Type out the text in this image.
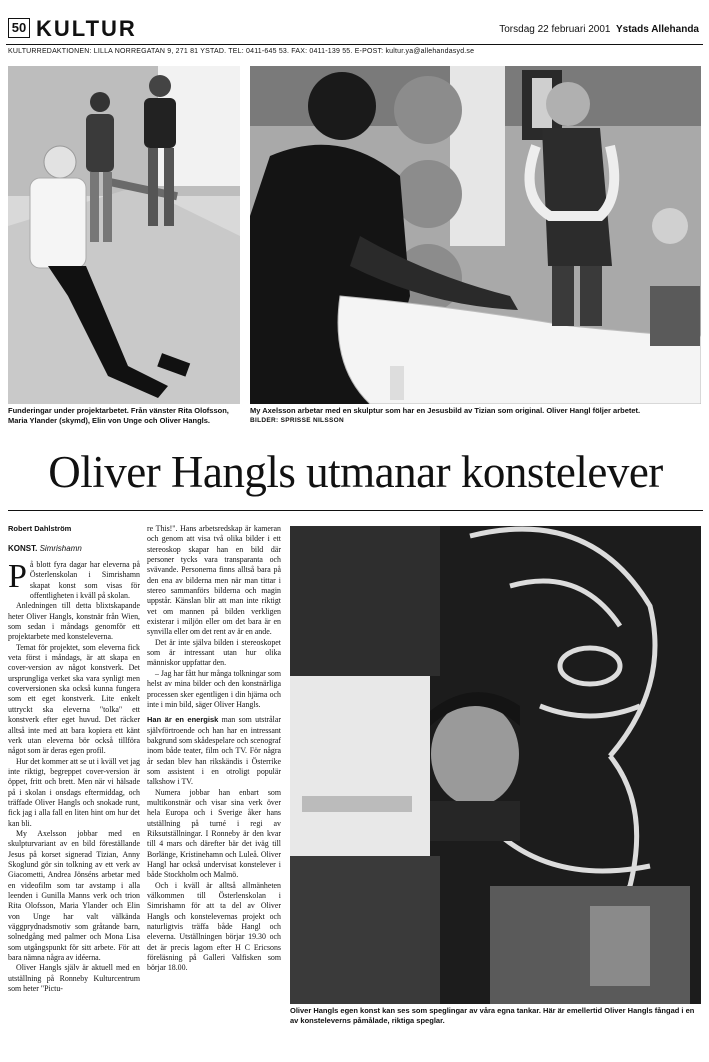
50 KULTUR	Torsdag 22 februari 2001 Ystads Allehanda
KULTURREDAKTIONEN: LILLA NORREGATAN 9, 271 81 YSTAD. TEL: 0411-645 53. FAX: 0411-139 55. E-POST: kultur.ya@allehandasyd.se
Funderingar under projektarbetet. Från vänster Rita Olofsson, Maria Ylander (skymd), Elin von Unge och Oliver Hangls.
My Axelsson arbetar med en skulptur som har en Jesusbild av Tizian som original. Oliver Hangl följer arbetet.
BILDER: SPRISSE NILSSON
Oliver Hangls utmanar konstelever
Robert Dahlström
KONST. Simrishamn

På blott fyra dagar har eleverna på Österlenskolan i Simrishamn skapat konst som visas för offentligheten i kväll på skolan.

Anledningen till detta blixtskapande heter Oliver Hangls, konstnär från Wien, som sedan i måndags genomför ett projektarbete med konsteleverna.

Temat för projektet, som eleverna fick veta först i måndags, är att skapa en cover-version av något konstverk. Det ursprungliga verket ska vara synligt men coverversionen ska också kunna fungera som ett eget konstverk. Lite enkelt uttryckt ska eleverna "tolka" ett konstverk efter eget huvud. Det räcker alltså inte med att bara kopiera ett känt verk utan eleverna bör också tillföra något som är deras egen profil.

Hur det kommer att se ut i kväll vet jag inte riktigt, begreppet cover-version är öppet, fritt och brett. Men när vi hälsade på i skolan i onsdags eftermiddag, och träffade Oliver Hangls och snokade runt, fick jag i alla fall en liten hint om hur det kan bli.

My Axelsson jobbar med en skulpturvariant av en bild föreställande Jesus på korset signerad Tizian, Anny Skoglund gör sin tolkning av ett verk av Giacometti, Andrea Jönséns arbetar med en videofilm som tar avstamp i alla leenden i Gunilla Manns verk och trion Rita Olofsson, Maria Ylander och Elin von Unge har valt välkända väggprydnadsmotiv som gråtande barn, solnedgång med palmer och Mona Lisa som utgångspunkt för sitt arbete. För att bara nämna några av idéerna.

Oliver Hangls själv är aktuell med en utställning på Ronneby Kulturcentrum som heter "Pictu-

re This!". Hans arbetsredskap är kameran och genom att visa två olika bilder i ett stereoskop skapar han en bild där personer tycks vara transparanta och svävande. Personerna finns alltså bara på den ena av bilderna men när man tittar i stereo sammanförs bilderna och magin uppstår. Känslan blir att man inte riktigt vet om mannen på bilden verkligen existerar i miljön eller om det bara är en synvilla eller om det rent av är en ande.

Det är inte själva bilden i stereoskopet som är intressant utan hur olika människor uppfattar den.

– Jag har fått hur många tolkningar som helst av mina bilder och den konstnärliga processen sker egentligen i din hjärna och inte i min bild, säger Oliver Hangls.

Han är en energisk man som utstrålar självförtroende och han har en intressant bakgrund som skådespelare och scenograf inom både teater, film och TV. För några år sedan blev han rikskändis i Österrike som assistent i en otroligt populär talkshow i TV.

Numera jobbar han enbart som multikonstnär och visar sina verk över hela Europa och i Sverige åker hans utställning på turné i regi av Riksutställningar. I Ronneby är den kvar till 4 mars och därefter bär det iväg till Borlänge, Kristinehamn och Luleå. Oliver Hangl har också undervisat konstelever i både Stockholm och Malmö.

Och i kväll är alltså allmänheten välkommen till Österlenskolan i Simrishamn för att ta del av Oliver Hangls och konstelevernas projekt och naturligtvis träffa både Hangl och eleverna. Utställningen börjar 19.30 och det är precis lagom efter H C Ericsons föreläsning på Galleri Valfisken som börjar 18.00.

Oliver Hangls egen konst kan ses som speglingar av våra egna tankar. Här är emellertid Oliver Hangls fångad i en av konsteleverns påmålade, riktiga speglar.
